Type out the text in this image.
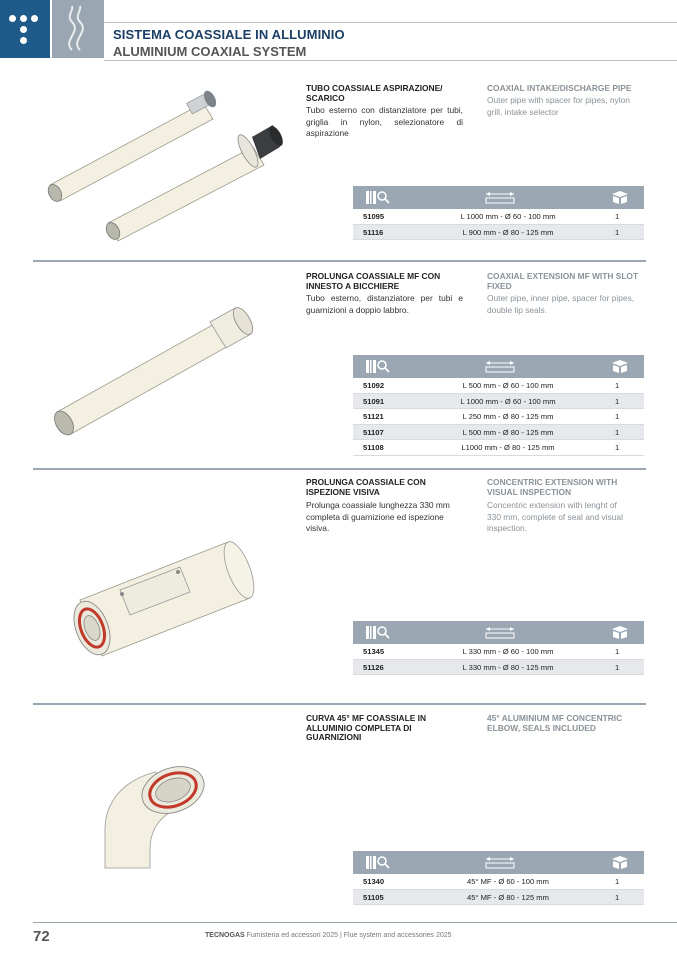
SISTEMA COASSIALE IN ALLUMINIO
ALUMINIUM COAXIAL SYSTEM
TUBO COASSIALE ASPIRAZIONE/ SCARICO
Tubo esterno con distanziatore per tubi, griglia in nylon, selezionatore di aspirazione
COAXIAL INTAKE/DISCHARGE PIPE
Outer pipe with spacer for pipes, nylon grill, intake selector
51095	L 1000 mm - Ø 60 - 100 mm	1
51116	L 900 mm - Ø 80 - 125 mm	1
PROLUNGA COASSIALE MF CON INNESTO A BICCHIERE
Tubo esterno, distanziatore per tubi e guarnizioni a doppio labbro.
COAXIAL EXTENSION MF WITH SLOT FIXED
Outer pipe, inner pipe, spacer for pipes, double lip seals.
51092	L 500 mm - Ø 60 - 100 mm	1
51091	L 1000 mm - Ø 60 - 100 mm	1
51121	L 250 mm - Ø 80 - 125 mm	1
51107	L 500 mm - Ø 80 - 125 mm	1
51108	L1000 mm - Ø 80 - 125 mm	1
PROLUNGA COASSIALE CON ISPEZIONE VISIVA
Prolunga coassiale lunghezza 330 mm completa di guarnizione ed ispezione visiva.
CONCENTRIC EXTENSION WITH VISUAL INSPECTION
Concentric extension with lenght of 330 mm, complete of seal and visual inspection.
51345	L 330 mm - Ø 60 - 100 mm	1
51126	L 330 mm - Ø 80 - 125 mm	1
CURVA 45° MF COASSIALE IN ALLUMINIO COMPLETA DI GUARNIZIONI
45° ALUMINIUM MF CONCENTRIC ELBOW, SEALS INCLUDED
51340	45° MF - Ø 60 - 100 mm	1
51105	45° MF - Ø 80 - 125 mm	1
72	TECNOGAS Fumisteria ed accessori 2025 | Flue system and accessories 2025
